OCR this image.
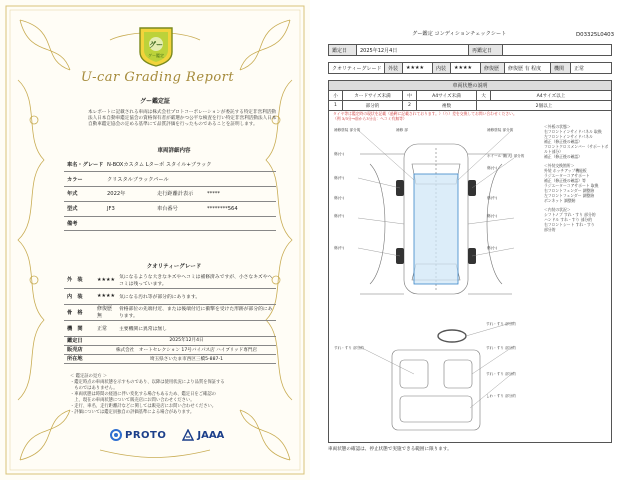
グー
グー鑑定
U-car Grading Report
グー鑑定証
本レポートに記載される車両は株式会社プロトコーポレーションが委託する特定非営利活動法人日本自動車鑑定協会の資格保有者が厳選かつ公平な検査を行い特定非営利活動法人日本自動車鑑定協会の定める基準にて品質評価を行ったものであることを証明します。
車両詳細内容
車名・グレード	N-BOXカスタム Lターボ スタイル+ブラック		
カラー	クリスタルブラックパール		
年式	2022年	走行距離計表示	*****
型式	JF3	車台番号	********564
備考			
クオリティーグレード
外　装	★★★★	気になるような大きなキズやヘコミは補修済みですが、小さなキズやヘコミは残っています。
内　装	★★★★	気になる汚れ等が部分的にあります。
骨　格	修復歴無	骨格部位の先端付近、または後端付近に衝撃を受けた形跡が部分的にあります。
機　関	正常	主要機関に異常は無し
鑑定日	2025年12月4日
販売店	株式会社　オートセレクション 17号バイパス店 ハイブリッド専門店
所在地	埼玉県さいたま市西区三橋5-887-1
＜ 鑑定証の見方 ＞
・鑑定時点の車両状態を示すものであり、以降は使用状況により品質を保証する
　ものではありません。
・車両状態は時間の経過に伴い変化する場合もあるため、鑑定日をご確認の
　上、現在の車両状態について販売店にお問い合わせください。
・走行、車名、走行距離計などに関しては販売店にお問い合わせください。
・評価については鑑定員独自の評価基準による場合があります。
PROTO	JAAA
グー鑑定 コンディションチェックシート	D03325L0403
鑑定日	2025年12月4日	再鑑定日
クオリティーグレード	外装	★★★★	内装	★★★★	修復歴	修復歴 有 程度	機関	正常
車両状態の説明
小	カードサイズ未満	中	A4サイズ未満	大	A4サイズ以上
1	部分的	2	複数	2個以上
タイヤ等は鑑定時の現状を記載（過剰に記載されております。）（り）差を交換してお問い合わせください。
（例 3/3分→前から3分山：ヘコミ有無等）
補修塗装 部分的	補修 部	補修塗装 部分的
傷(小)	ホイール 傷(大) 部分的
傷(小)
傷(中)
傷(小)	傷(中)
傷(中)	傷(小)
傷(中)	傷(小)
すれ・すり 部分的
すれ・すり 部分的
すれ・すり 部分的
すれ・すり 部分的
しわ・すり 部分的
＜外板の状態＞
右フロントインサイドパネル 取換
左フロントインサイドパネル
補正（修正後の確認）
フロントクロスメンバー（サポートボルト部分）
補正（修正後の確認）
＜外装交換箇所＞
外装 ホッチアップ機能板
ラジエーターコアサポート
補正（修正後の確認）等
ラジエーターコアサポート 取換
右フロントフェンダー 調整跡
左フロントフェンダー 調整跡
ボンネット 調整跡
＜内装の状況＞
シフトノブ すれ・すり 部分的
ハンドル すれ・すり 部分的
右フロントシート すれ・すり
部分的
車両状態の確認は、停止状態で実施できる範囲に限ります。
